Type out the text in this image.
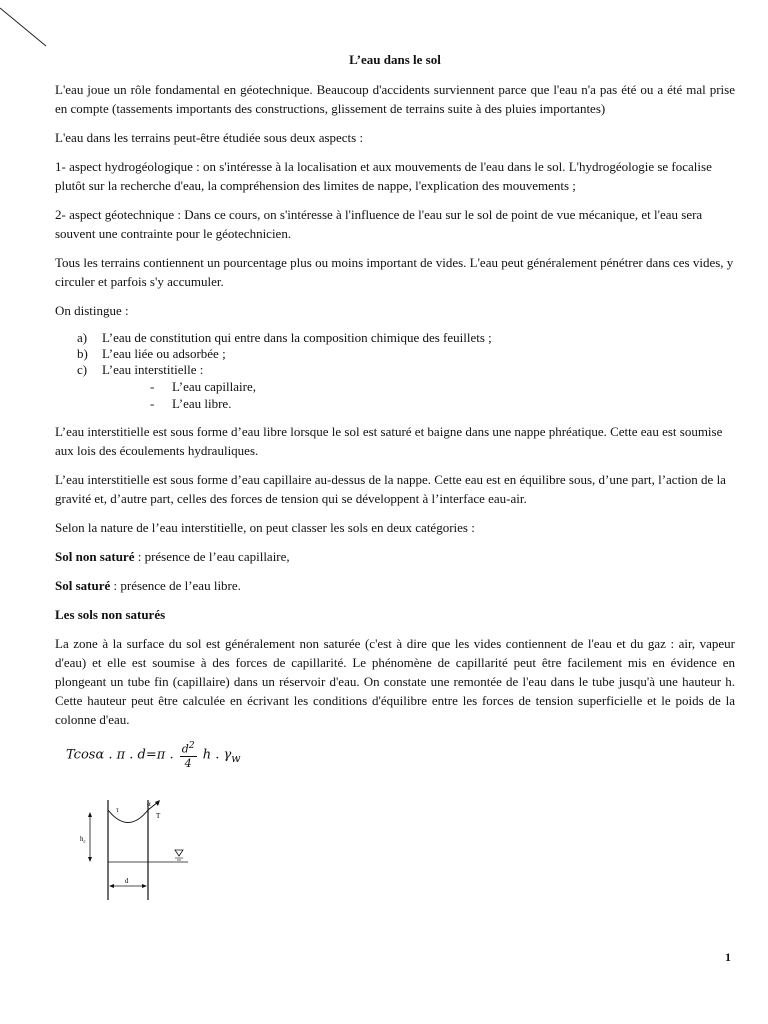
L’eau dans le sol

L'eau joue un rôle fondamental en géotechnique. Beaucoup d'accidents surviennent parce que l'eau n'a pas été ou a été mal prise en compte (tassements importants des constructions, glissement de terrains suite à des pluies importantes)

L'eau dans les terrains peut-être étudiée sous deux aspects :

1- aspect hydrogéologique : on s'intéresse à la localisation et aux mouvements de l'eau dans le sol. L'hydrogéologie se focalise plutôt sur la recherche d'eau, la compréhension des limites de nappe, l'explication des mouvements ;

2- aspect géotechnique : Dans ce cours, on s'intéresse à l'influence de l'eau sur le sol de point de vue mécanique, et l'eau sera souvent une contrainte pour le géotechnicien.

Tous les terrains contiennent un pourcentage plus ou moins important de vides. L'eau peut généralement pénétrer dans ces vides, y circuler et parfois s'y accumuler.

On distingue :

a) L’eau de constitution qui entre dans la composition chimique des feuillets ;
b) L’eau liée ou adsorbée ;
c) L’eau interstitielle :
- L’eau capillaire,
- L’eau libre.

L’eau interstitielle est sous forme d’eau libre lorsque le sol est saturé et baigne dans une nappe phréatique. Cette eau est soumise aux lois des écoulements hydrauliques.

L’eau interstitielle est sous forme d’eau capillaire au-dessus de la nappe. Cette eau est en équilibre sous, d’une part, l’action de la gravité et, d’autre part, celles des forces de tension qui se développent à l’interface eau-air.

Selon la nature de l’eau interstitielle, on peut classer les sols en deux catégories :

Sol non saturé : présence de l’eau capillaire,

Sol saturé : présence de l’eau libre.

Les sols non saturés

La zone à la surface du sol est généralement non saturée (c'est à dire que les vides contiennent de l'eau et du gaz : air, vapeur d'eau) et elle est soumise à des forces de capillarité. Le phénomène de capillarité peut être facilement mis en évidence en plongeant un tube fin (capillaire) dans un réservoir d'eau. On constate une remontée de l'eau dans le tube jusqu'à une hauteur h. Cette hauteur peut être calculée en écrivant les conditions d'équilibre entre les forces de tension superficielle et le poids de la colonne d'eau.

Tcosα . π . d=π . $\frac{d^2}{4}$ h . $\gamma_w$
$h_c$
d
T
α
τ
1
